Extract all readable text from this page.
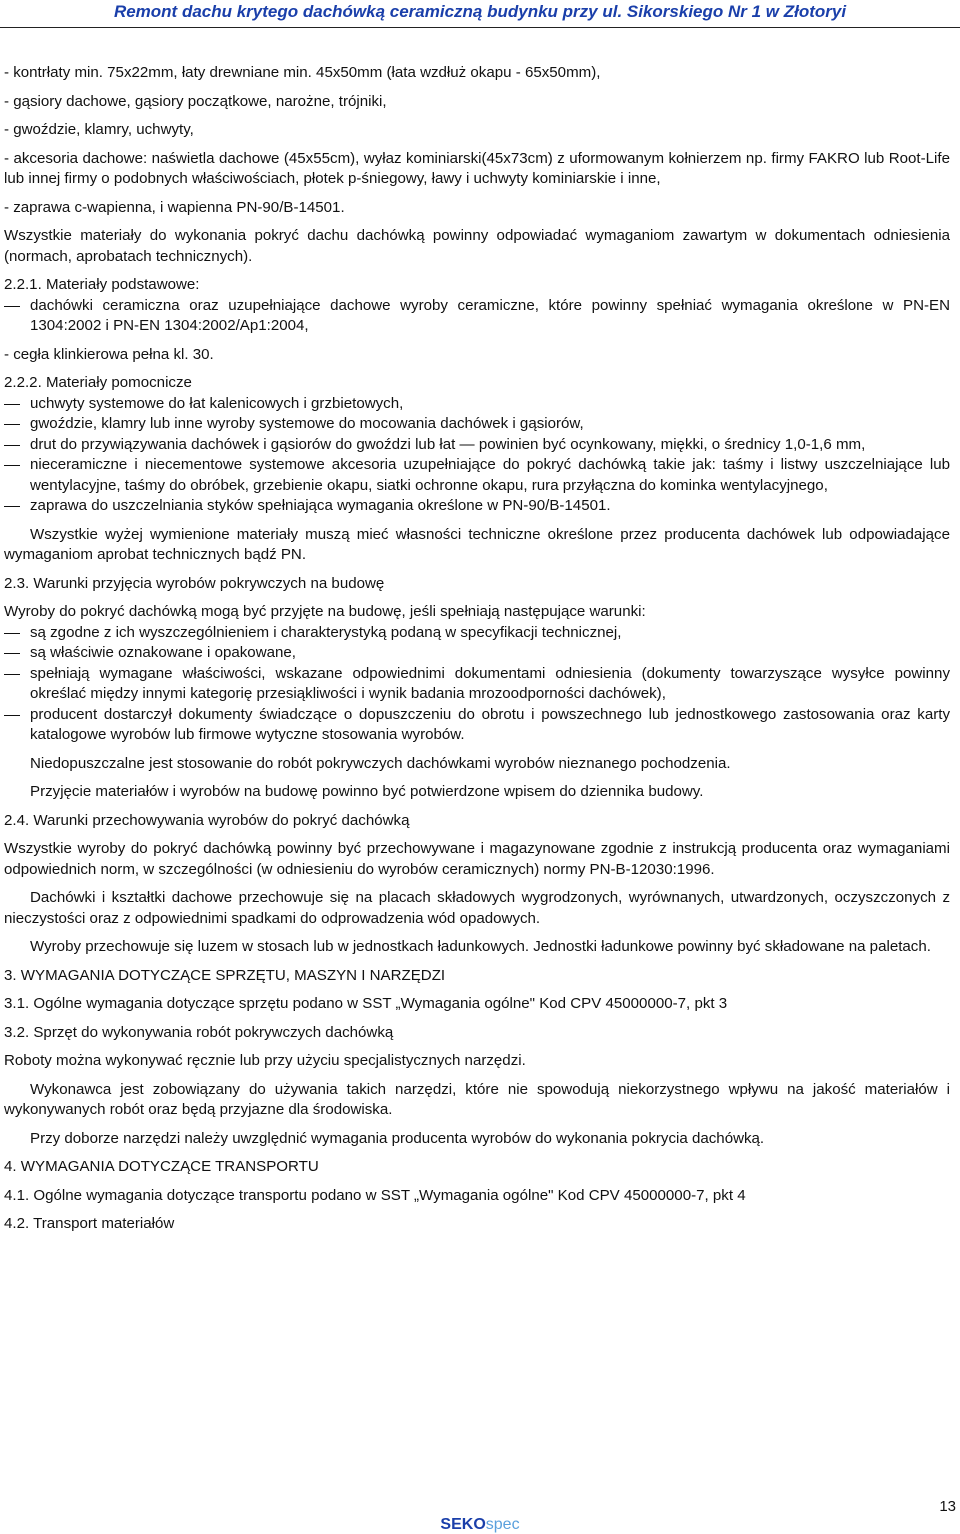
Remont dachu krytego dachówką ceramiczną budynku przy ul. Sikorskiego Nr 1 w Złotoryi

- kontrłaty min. 75x22mm, łaty drewniane min. 45x50mm (łata wzdłuż okapu - 65x50mm),

- gąsiory dachowe, gąsiory początkowe, narożne, trójniki,

- gwoździe, klamry, uchwyty,

- akcesoria dachowe: naświetla dachowe (45x55cm), wyłaz kominiarski(45x73cm) z uformowanym kołnierzem np. firmy FAKRO lub Root-Life lub innej firmy o podobnych właściwościach, płotek p-śniegowy, ławy i uchwyty kominiarskie i inne,

- zaprawa c-wapienna, i wapienna PN-90/B-14501.

Wszystkie materiały do wykonania pokryć dachu dachówką powinny odpowiadać wymaganiom zawartym w dokumentach odniesienia (normach, aprobatach technicznych).

2.2.1. Materiały podstawowe:

dachówki ceramiczna oraz uzupełniające dachowe wyroby ceramiczne, które powinny spełniać wymagania określone w PN-EN 1304:2002 i PN-EN 1304:2002/Ap1:2004,

- cegła klinkierowa pełna kl. 30.

2.2.2. Materiały pomocnicze

uchwyty systemowe do łat kalenicowych i grzbietowych,

gwoździe, klamry lub inne wyroby systemowe do mocowania dachówek i gąsiorów,

drut do przywiązywania dachówek i gąsiorów do gwoździ lub łat — powinien być ocynkowany, miękki, o średnicy 1,0-1,6 mm,

nieceramiczne i niecementowe systemowe akcesoria uzupełniające do pokryć dachówką takie jak: taśmy i listwy uszczelniające lub wentylacyjne, taśmy do obróbek, grzebienie okapu, siatki ochronne okapu, rura przyłączna do kominka wentylacyjnego,

zaprawa do uszczelniania styków spełniająca wymagania określone w PN-90/B-14501.

Wszystkie wyżej wymienione materiały muszą mieć własności techniczne określone przez producenta dachówek lub odpowiadające wymaganiom aprobat technicznych bądź PN.

2.3. Warunki przyjęcia wyrobów pokrywczych na budowę

Wyroby do pokryć dachówką mogą być przyjęte na budowę, jeśli spełniają następujące warunki:

są zgodne z ich wyszczególnieniem i charakterystyką podaną w specyfikacji technicznej,

są właściwie oznakowane i opakowane,

spełniają wymagane właściwości, wskazane odpowiednimi dokumentami odniesienia (dokumenty towarzyszące wysyłce powinny określać między innymi kategorię przesiąkliwości i wynik badania mrozoodporności dachówek),

producent dostarczył dokumenty świadczące o dopuszczeniu do obrotu i powszechnego lub jednostkowego zastosowania oraz karty katalogowe wyrobów lub firmowe wytyczne stosowania wyrobów.

Niedopuszczalne jest stosowanie do robót pokrywczych dachówkami wyrobów nieznanego pochodzenia.

Przyjęcie materiałów i wyrobów na budowę powinno być potwierdzone wpisem do dziennika budowy.

2.4. Warunki przechowywania wyrobów do pokryć dachówką

Wszystkie wyroby do pokryć dachówką powinny być przechowywane i magazynowane zgodnie z instrukcją producenta oraz wymaganiami odpowiednich norm, w szczególności (w odniesieniu do wyrobów ceramicznych) normy PN-B-12030:1996.

Dachówki i kształtki dachowe przechowuje się na placach składowych wygrodzonych, wyrównanych, utwardzonych, oczyszczonych z nieczystości oraz z odpowiednimi spadkami do odprowadzenia wód opadowych.

Wyroby przechowuje się luzem w stosach lub w jednostkach ładunkowych. Jednostki ładunkowe powinny być składowane na paletach.

3. WYMAGANIA DOTYCZĄCE SPRZĘTU, MASZYN I NARZĘDZI

3.1. Ogólne wymagania dotyczące sprzętu podano w SST „Wymagania ogólne" Kod CPV 45000000-7, pkt 3

3.2. Sprzęt do wykonywania robót pokrywczych dachówką

Roboty można wykonywać ręcznie lub przy użyciu specjalistycznych narzędzi.

Wykonawca jest zobowiązany do używania takich narzędzi, które nie spowodują niekorzystnego wpływu na jakość materiałów i wykonywanych robót oraz będą przyjazne dla środowiska.

Przy doborze narzędzi należy uwzględnić wymagania producenta wyrobów do wykonania pokrycia dachówką.

4. WYMAGANIA DOTYCZĄCE TRANSPORTU

4.1. Ogólne wymagania dotyczące transportu podano w SST „Wymagania ogólne" Kod CPV 45000000-7, pkt 4

4.2. Transport materiałów

13
SEKOspec
